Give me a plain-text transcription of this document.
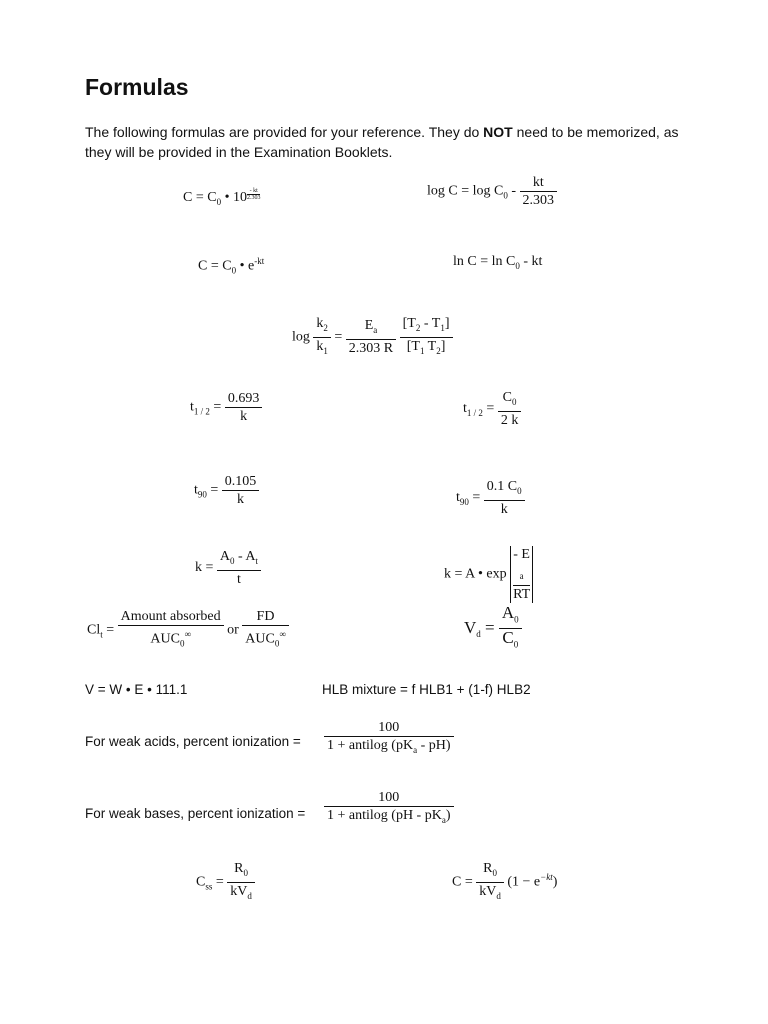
Formulas

The following formulas are provided for your reference. They do NOT need to be memorized, as they will be provided in the Examination Booklets.

$C = C_0$ • $10 \frac{- kt}{2.303}$	$\log C = \log C_0 - \frac{kt}{2.303}$
$C = C_0$ • $e^{-kt}$	$\ln C = \ln C_0$ - kt
$\log \frac{k_2}{k_1} = \frac{E_a}{2.303 R}$
$\frac{[T_2 - T_1]}{[T_1 T_2]}$
$t_{1 / 2} = \frac{0.693}{k}$	$t_{1 / 2} = \frac{C_0}{2 k}$
$t_{90} = \frac{0.105}{k}$	$t_{90} = \frac{0.1 C_0}{k}$
$k = \frac{A_0 - A_t}{t}$	k = A • exp - E
$_a$
RT
$Cl_t = \frac{\text{Amount absorbed}}{AUC_0^\infty}$ or $\frac{FD}{AUC_0^\infty}$	$V_d = \frac{A_0}{C_0}$
V = W • E • 111.1	HLB mixture = f HLB1 + (1-f) HLB2
For weak acids, percent ionization = $\frac{100}{1 + antilog (pK_a - pH)}$
For weak bases, percent ionization = $\frac{100}{1 + antilog (pH - pK_a)}$
$C_{ss} = \frac{R_0}{kV_d}$	$C = \frac{R_0}{kV_d} (1 - e^{-kt})$
